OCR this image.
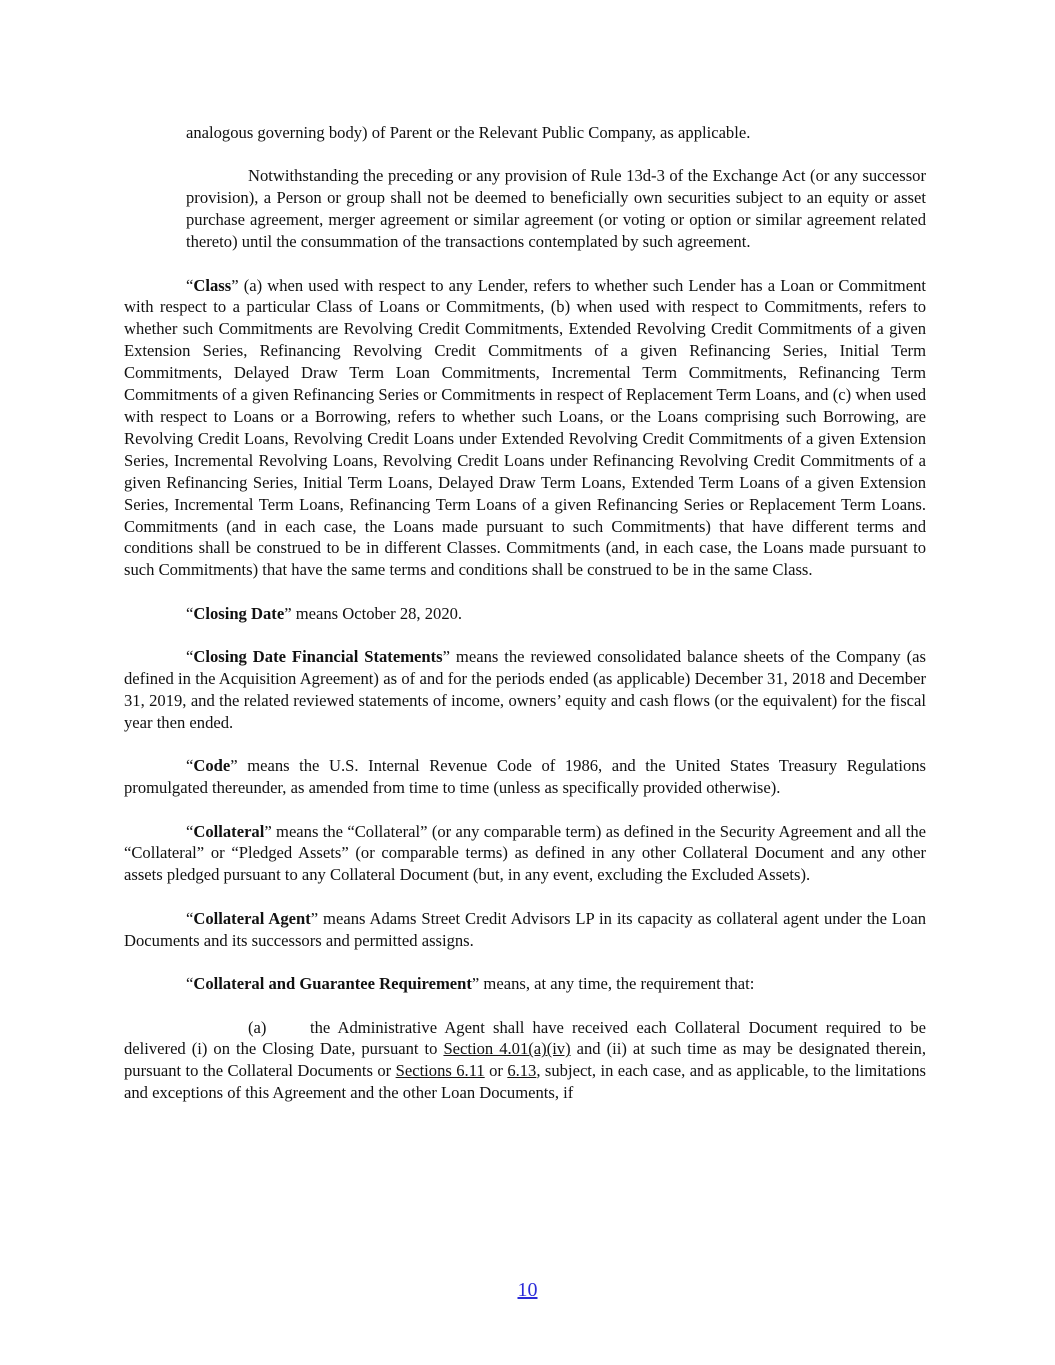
analogous governing body) of Parent or the Relevant Public Company, as applicable.

Notwithstanding the preceding or any provision of Rule 13d-3 of the Exchange Act (or any successor provision), a Person or group shall not be deemed to beneficially own securities subject to an equity or asset purchase agreement, merger agreement or similar agreement (or voting or option or similar agreement related thereto) until the consummation of the transactions contemplated by such agreement.

“Class” (a) when used with respect to any Lender, refers to whether such Lender has a Loan or Commitment with respect to a particular Class of Loans or Commitments, (b) when used with respect to Commitments, refers to whether such Commitments are Revolving Credit Commitments, Extended Revolving Credit Commitments of a given Extension Series, Refinancing Revolving Credit Commitments of a given Refinancing Series, Initial Term Commitments, Delayed Draw Term Loan Commitments, Incremental Term Commitments, Refinancing Term Commitments of a given Refinancing Series or Commitments in respect of Replacement Term Loans, and (c) when used with respect to Loans or a Borrowing, refers to whether such Loans, or the Loans comprising such Borrowing, are Revolving Credit Loans, Revolving Credit Loans under Extended Revolving Credit Commitments of a given Extension Series, Incremental Revolving Loans, Revolving Credit Loans under Refinancing Revolving Credit Commitments of a given Refinancing Series, Initial Term Loans, Delayed Draw Term Loans, Extended Term Loans of a given Extension Series, Incremental Term Loans, Refinancing Term Loans of a given Refinancing Series or Replacement Term Loans. Commitments (and in each case, the Loans made pursuant to such Commitments) that have different terms and conditions shall be construed to be in different Classes. Commitments (and, in each case, the Loans made pursuant to such Commitments) that have the same terms and conditions shall be construed to be in the same Class.

“Closing Date” means October 28, 2020.

“Closing Date Financial Statements” means the reviewed consolidated balance sheets of the Company (as defined in the Acquisition Agreement) as of and for the periods ended (as applicable) December 31, 2018 and December 31, 2019, and the related reviewed statements of income, owners’ equity and cash flows (or the equivalent) for the fiscal year then ended.

“Code” means the U.S. Internal Revenue Code of 1986, and the United States Treasury Regulations promulgated thereunder, as amended from time to time (unless as specifically provided otherwise).

“Collateral” means the “Collateral” (or any comparable term) as defined in the Security Agreement and all the “Collateral” or “Pledged Assets” (or comparable terms) as defined in any other Collateral Document and any other assets pledged pursuant to any Collateral Document (but, in any event, excluding the Excluded Assets).

“Collateral Agent” means Adams Street Credit Advisors LP in its capacity as collateral agent under the Loan Documents and its successors and permitted assigns.

“Collateral and Guarantee Requirement” means, at any time, the requirement that:

(a)	the Administrative Agent shall have received each Collateral Document required to be delivered (i) on the Closing Date, pursuant to Section 4.01(a)(iv) and (ii) at such time as may be designated therein, pursuant to the Collateral Documents or Sections 6.11 or 6.13, subject, in each case, and as applicable, to the limitations and exceptions of this Agreement and the other Loan Documents, if

10
